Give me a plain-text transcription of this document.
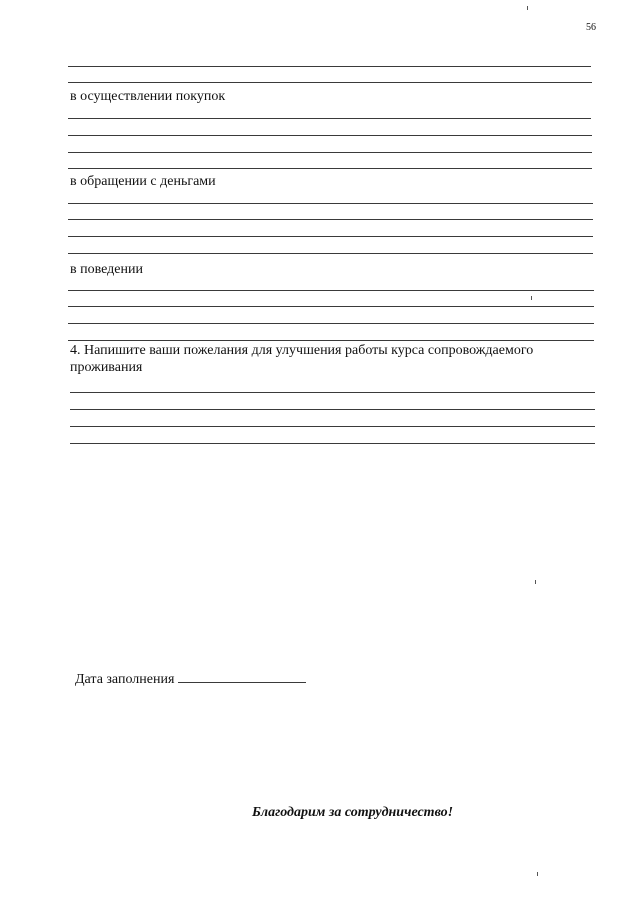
56
в осуществлении покупок
в обращении с деньгами
в поведении
4. Напишите ваши пожелания для улучшения работы курса сопровождаемого проживания
Дата заполнения
Благодарим за сотрудничество!
